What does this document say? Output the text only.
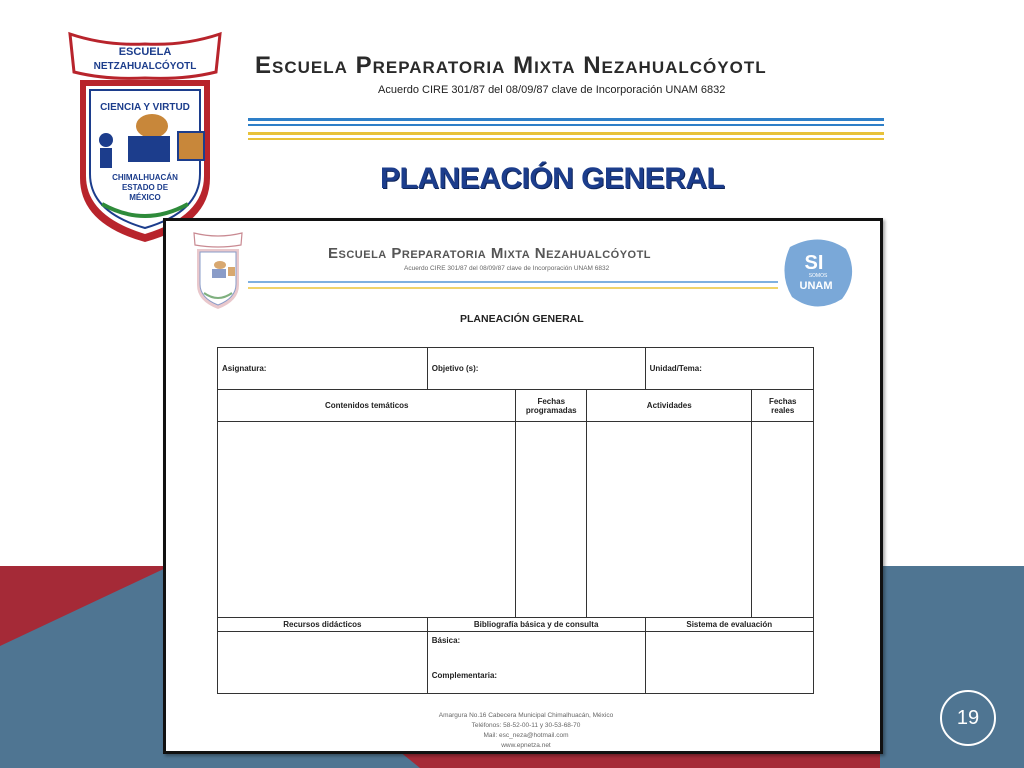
ESCUELA
NETZAHUALCÓYOTL
CIENCIA Y VIRTUD
CHIMALHUACÁN
ESTADO DE
MÉXICO
Escuela Preparatoria Mixta Nezahualcóyotl
Acuerdo CIRE 301/87 del 08/09/87 clave de Incorporación UNAM 6832
PLANEACIÓN GENERAL
Escuela Preparatoria Mixta Nezahualcóyotl
Acuerdo CIRE 301/87 del 08/09/87 clave de Incorporación UNAM 6832	SI
SOMOS
UNAM
PLANEACIÓN GENERAL
Asignatura:	Objetivo (s):			Unidad/Tema:	
Contenidos temáticos		Fechas programadas	Actividades		Fechas reales

Recursos didácticos	Bibliografía básica y de consulta			Sistema de evaluación	

	Básica:
Complementaria:				

Amargura No.16 Cabecera Municipal Chimalhuacán, México
Teléfonos: 58-52-00-11 y 30-53-68-70
Mail: esc_neza@hotmail.com
www.epnetza.net
19
